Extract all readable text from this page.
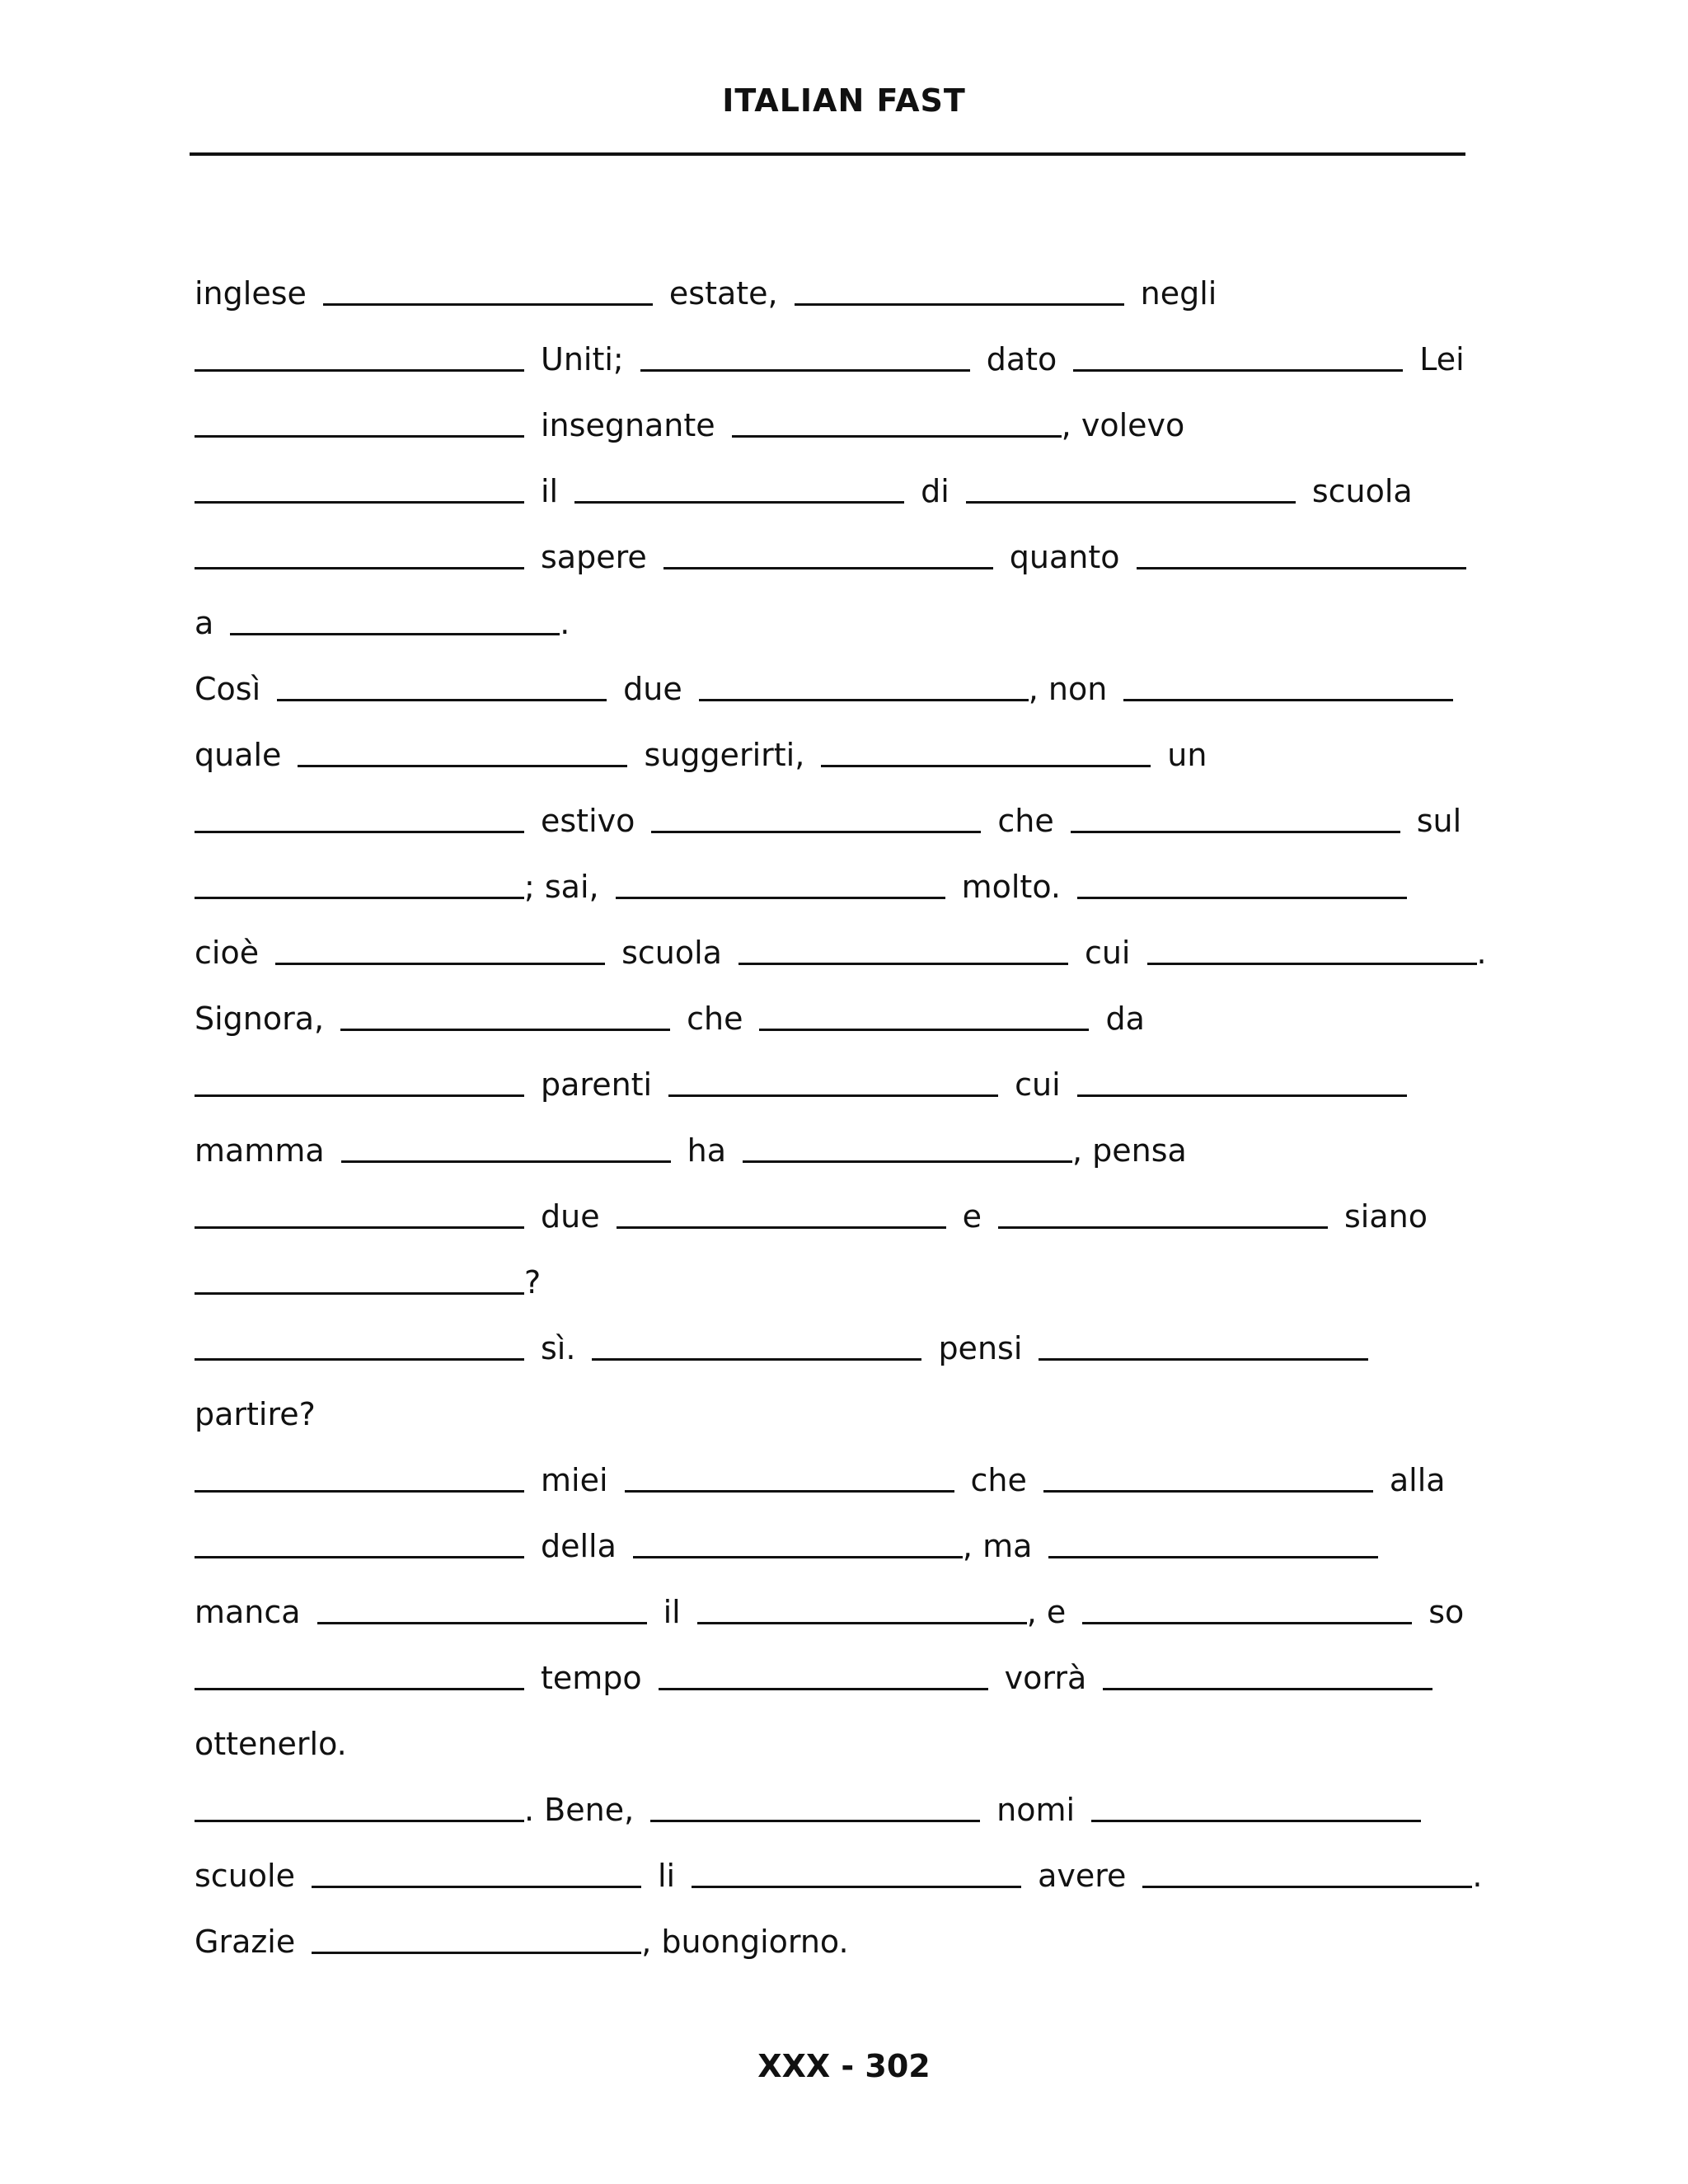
ITALIAN FAST
inglese	estate,	negli
Uniti;	dato	Lei
insegnante	, volevo
il	di	scuola
sapere	quanto
a	.
Così	due	, non
quale	suggerirti,	un
estivo	che	sul
; sai,	molto.
cioè	scuola	cui	.
Signora,	che	da
parenti	cui
mamma	ha	, pensa
due	e	siano
?
sì.	pensi
partire?
miei	che	alla
della	, ma
manca	il	, e	so
tempo	vorrà
ottenerlo.
. Bene,	nomi
scuole	li	avere	.
Grazie	, buongiorno.
XXX - 302
